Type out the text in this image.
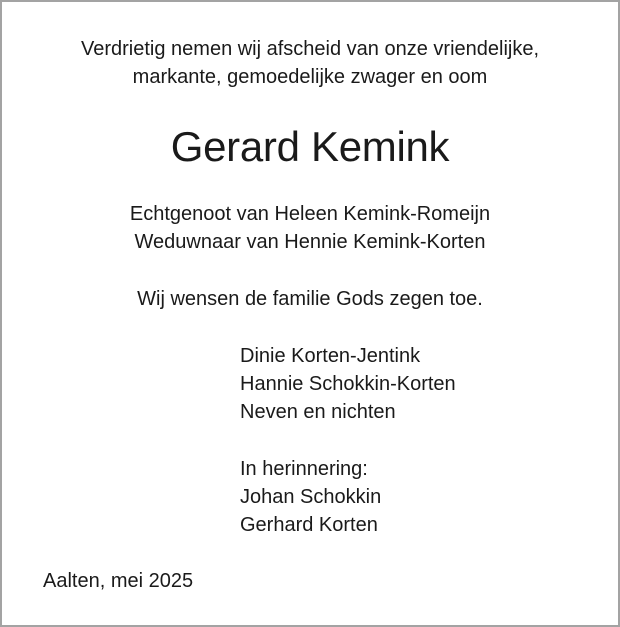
Verdrietig nemen wij afscheid van onze vriendelijke,
markante, gemoedelijke zwager en oom
Gerard Kemink
Echtgenoot van Heleen Kemink-Romeijn
Weduwnaar van Hennie Kemink-Korten
Wij wensen de familie Gods zegen toe.
Dinie Korten-Jentink
Hannie Schokkin-Korten
Neven en nichten
In herinnering:
Johan Schokkin
Gerhard Korten
Aalten, mei 2025
